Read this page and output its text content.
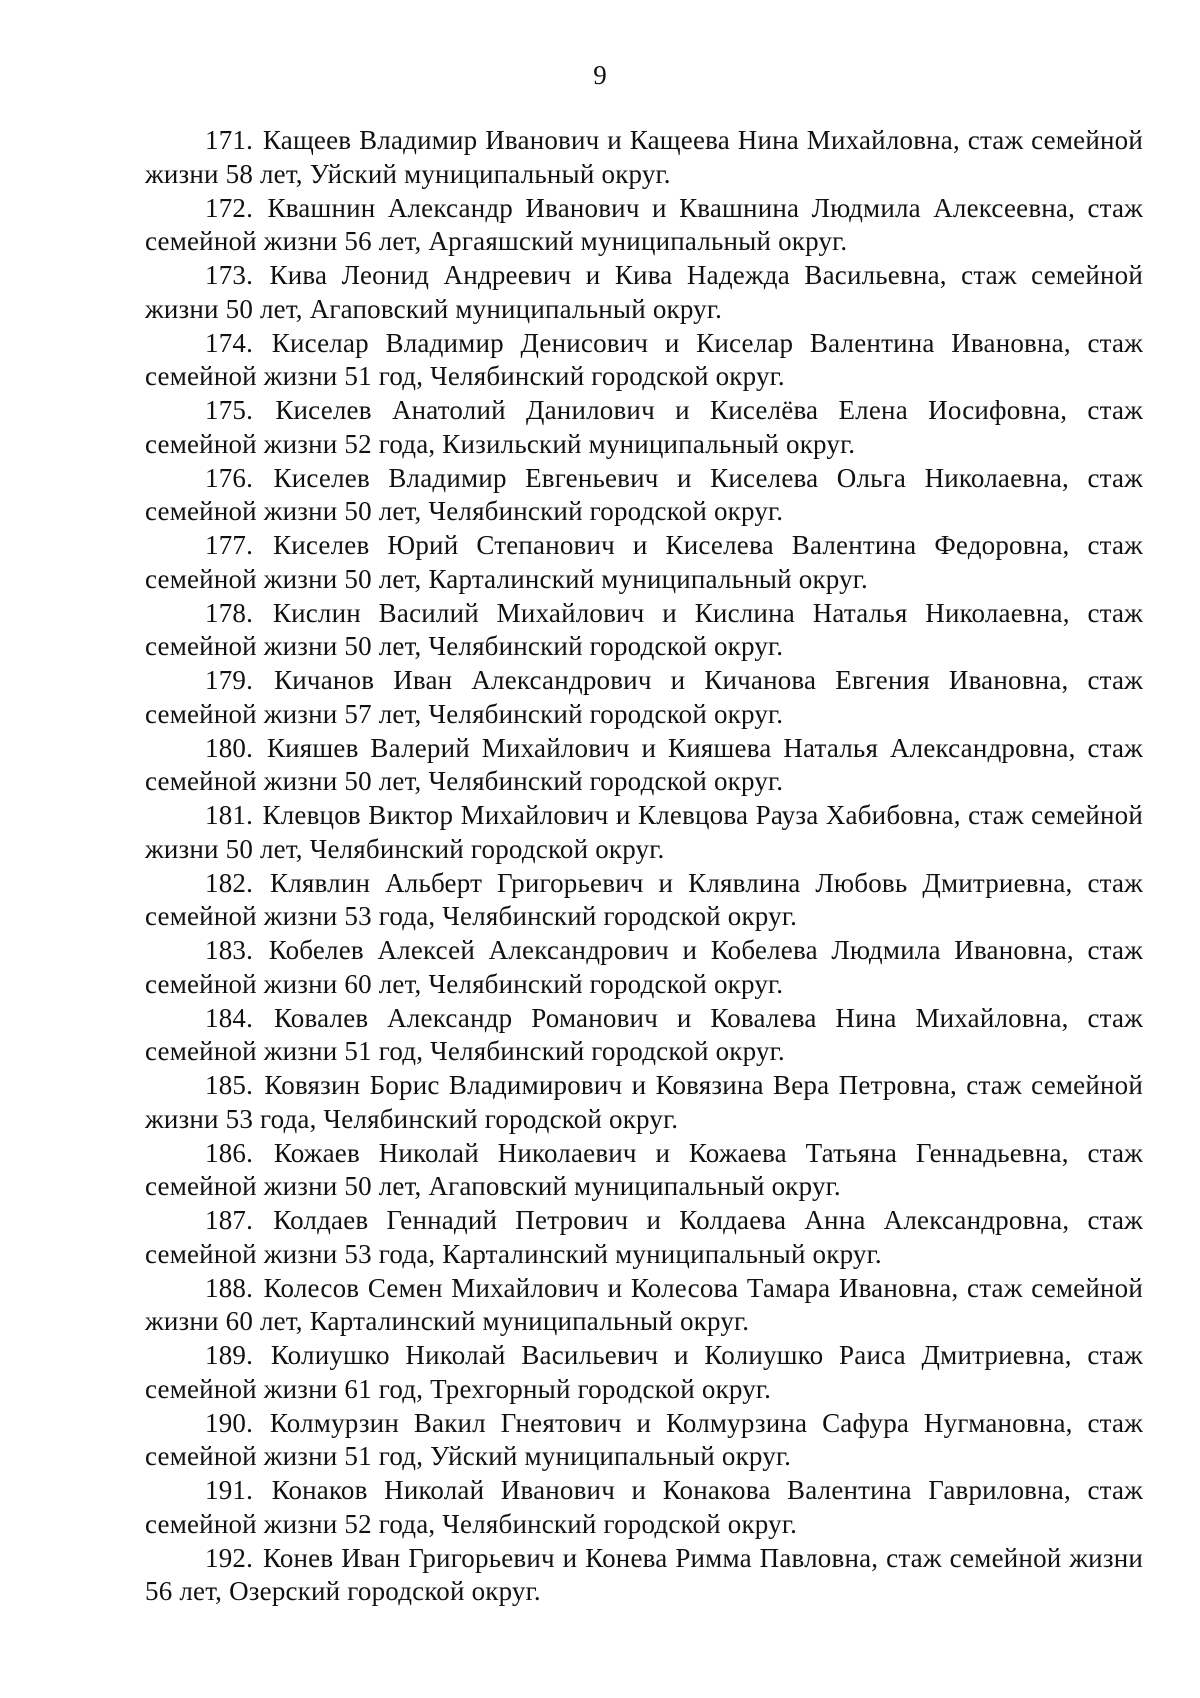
9

171. Кащеев Владимир Иванович и Кащеева Нина Михайловна, стаж семейной жизни 58 лет, Уйский муниципальный округ.

172. Квашнин Александр Иванович и Квашнина Людмила Алексеевна, стаж семейной жизни 56 лет, Аргаяшский муниципальный округ.

173. Кива Леонид Андреевич и Кива Надежда Васильевна, стаж семейной жизни 50 лет, Агаповский муниципальный округ.

174. Киселар Владимир Денисович и Киселар Валентина Ивановна, стаж семейной жизни 51 год, Челябинский городской округ.

175. Киселев Анатолий Данилович и Киселёва Елена Иосифовна, стаж семейной жизни 52 года, Кизильский муниципальный округ.

176. Киселев Владимир Евгеньевич и Киселева Ольга Николаевна, стаж семейной жизни 50 лет, Челябинский городской округ.

177. Киселев Юрий Степанович и Киселева Валентина Федоровна, стаж семейной жизни 50 лет, Карталинский муниципальный округ.

178. Кислин Василий Михайлович и Кислина Наталья Николаевна, стаж семейной жизни 50 лет, Челябинский городской округ.

179. Кичанов Иван Александрович и Кичанова Евгения Ивановна, стаж семейной жизни 57 лет, Челябинский городской округ.

180. Кияшев Валерий Михайлович и Кияшева Наталья Александровна, стаж семейной жизни 50 лет, Челябинский городской округ.

181. Клевцов Виктор Михайлович и Клевцова Рауза Хабибовна, стаж семейной жизни 50 лет, Челябинский городской округ.

182. Клявлин Альберт Григорьевич и Клявлина Любовь Дмитриевна, стаж семейной жизни 53 года, Челябинский городской округ.

183. Кобелев Алексей Александрович и Кобелева Людмила Ивановна, стаж семейной жизни 60 лет, Челябинский городской округ.

184. Ковалев Александр Романович и Ковалева Нина Михайловна, стаж семейной жизни 51 год, Челябинский городской округ.

185. Ковязин Борис Владимирович и Ковязина Вера Петровна, стаж семейной жизни 53 года, Челябинский городской округ.

186. Кожаев Николай Николаевич и Кожаева Татьяна Геннадьевна, стаж семейной жизни 50 лет, Агаповский муниципальный округ.

187. Колдаев Геннадий Петрович и Колдаева Анна Александровна, стаж семейной жизни 53 года, Карталинский муниципальный округ.

188. Колесов Семен Михайлович и Колесова Тамара Ивановна, стаж семейной жизни 60 лет, Карталинский муниципальный округ.

189. Колиушко Николай Васильевич и Колиушко Раиса Дмитриевна, стаж семейной жизни 61 год, Трехгорный городской округ.

190. Колмурзин Вакил Гнеятович и Колмурзина Сафура Нугмановна, стаж семейной жизни 51 год, Уйский муниципальный округ.

191. Конаков Николай Иванович и Конакова Валентина Гавриловна, стаж семейной жизни 52 года, Челябинский городской округ.

192. Конев Иван Григорьевич и Конева Римма Павловна, стаж семейной жизни 56 лет, Озерский городской округ.
